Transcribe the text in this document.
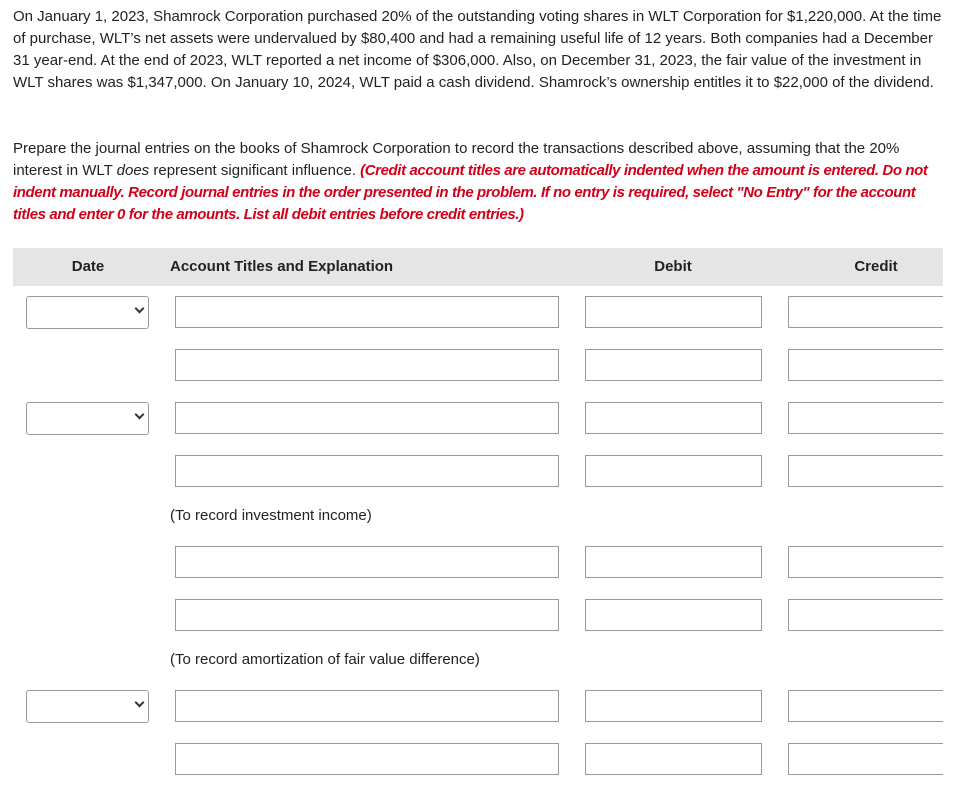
On January 1, 2023, Shamrock Corporation purchased 20% of the outstanding voting shares in WLT Corporation for $1,220,000. At the time of purchase, WLT’s net assets were undervalued by $80,400 and had a remaining useful life of 12 years. Both companies had a December 31 year-end. At the end of 2023, WLT reported a net income of $306,000. Also, on December 31, 2023, the fair value of the investment in WLT shares was $1,347,000. On January 10, 2024, WLT paid a cash dividend. Shamrock’s ownership entitles it to $22,000 of the dividend.

Prepare the journal entries on the books of Shamrock Corporation to record the transactions described above, assuming that the 20% interest in WLT does represent significant influence. (Credit account titles are automatically indented when the amount is entered. Do not indent manually. Record journal entries in the order presented in the problem. If no entry is required, select "No Entry" for the account titles and enter 0 for the amounts. List all debit entries before credit entries.)

Date	Account Titles and Explanation	Debit	Credit
(To record investment income)
(To record amortization of fair value difference)
